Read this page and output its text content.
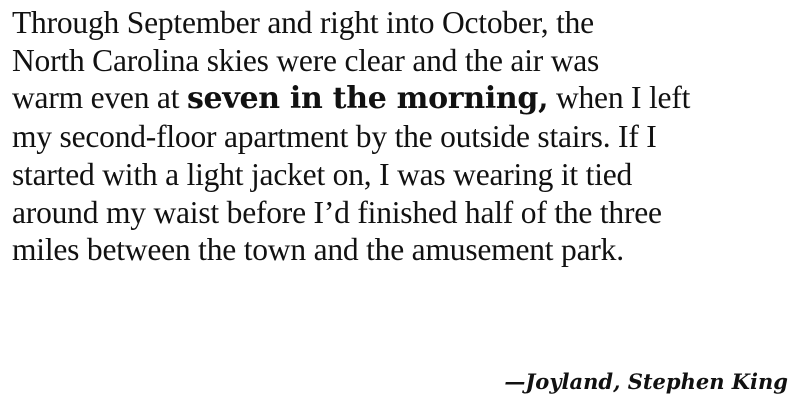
Through September and right into October, the
North Carolina skies were clear and the air was
warm even at seven in the morning, when I left
my second-floor apartment by the outside stairs. If I
started with a light jacket on, I was wearing it tied
around my waist before I’d finished half of the three
miles between the town and the amusement park.

—Joyland, Stephen King
